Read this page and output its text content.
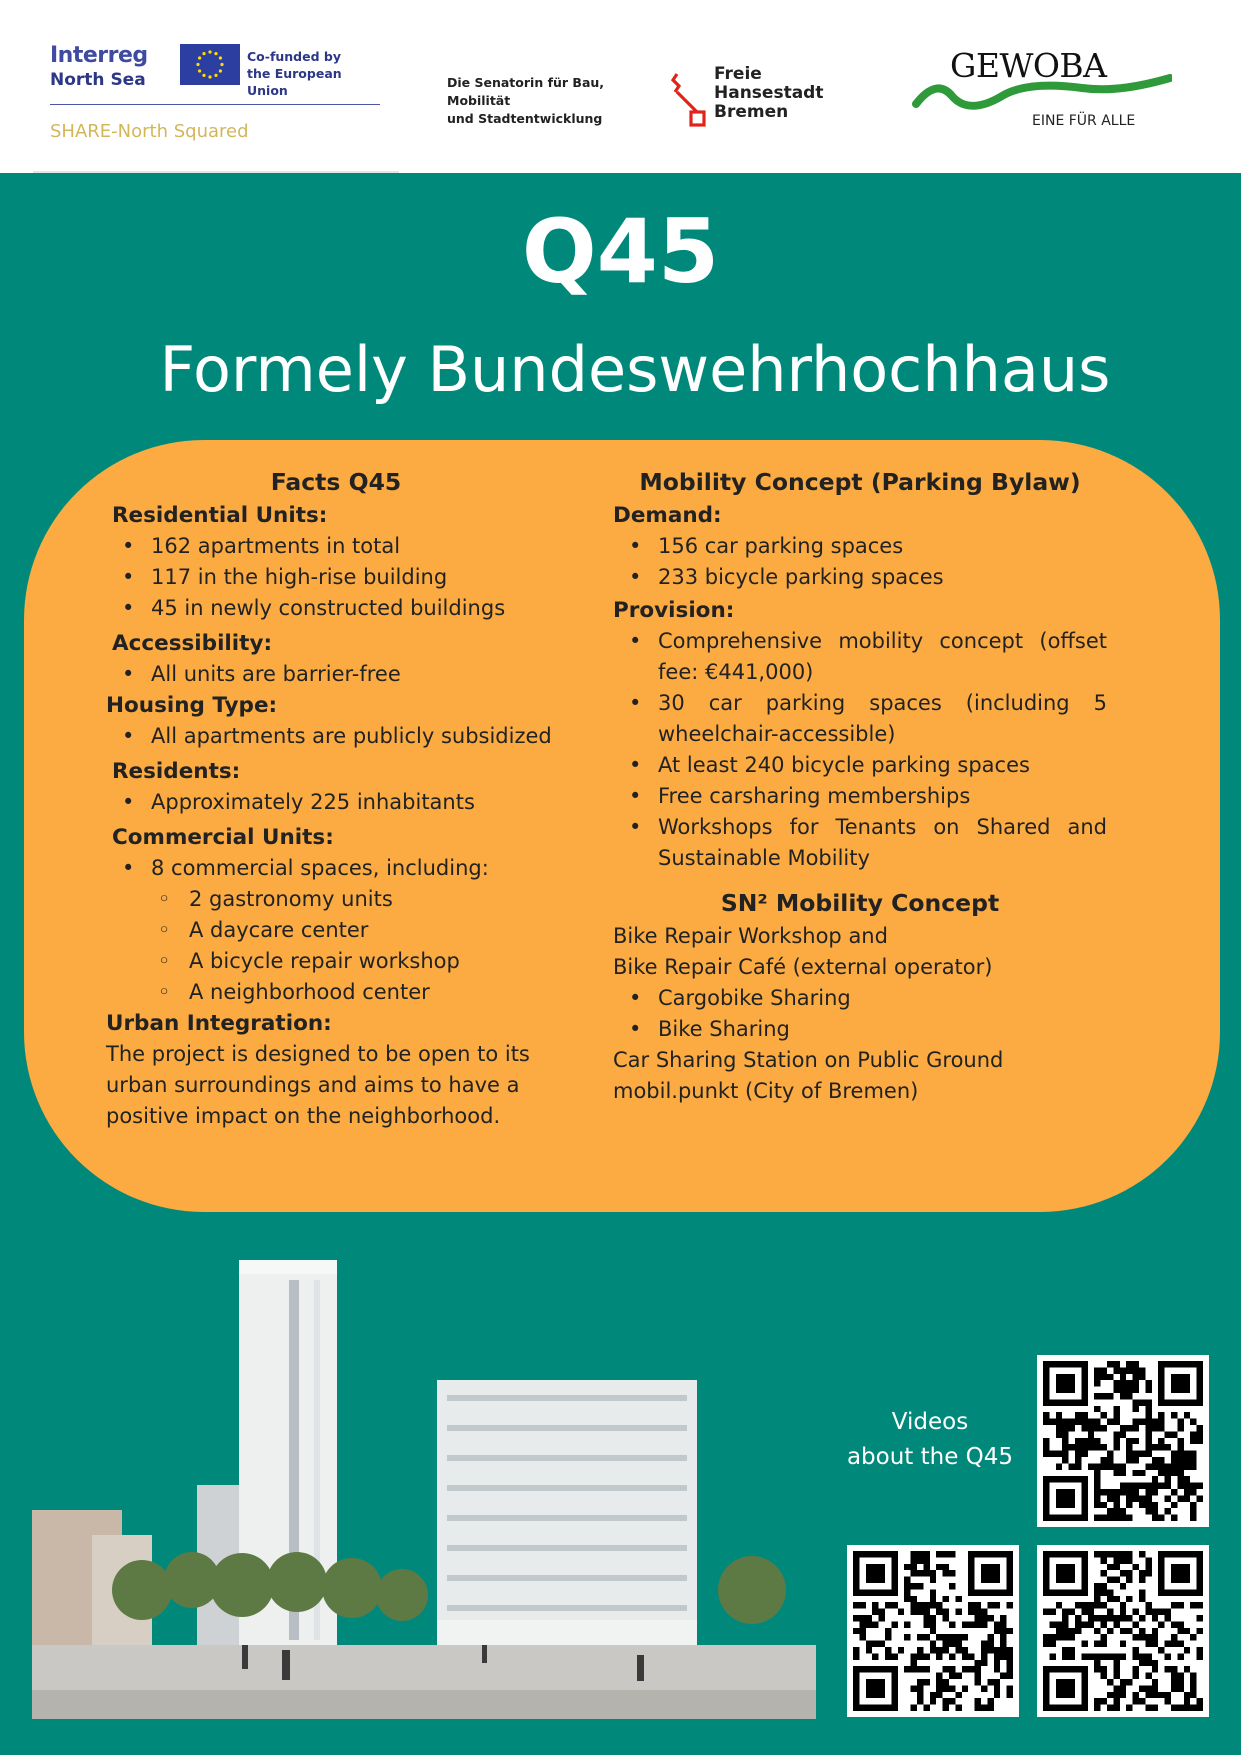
Interreg
North Sea
Co-funded by
the European Union
SHARE-North Squared
Die Senatorin für Bau, Mobilität
und Stadtentwicklung
Freie
Hansestadt
Bremen
GEWOBA
EINE FÜR ALLE
Q45
Formely Bundeswehrhochhaus
Facts Q45
Residential Units:
• 162 apartments in total
• 117 in the high-rise building
• 45 in newly constructed buildings
Accessibility:
• All units are barrier-free
Housing Type:
• All apartments are publicly subsidized
Residents:
• Approximately 225 inhabitants
Commercial Units:
• 8 commercial spaces, including:
◦ 2 gastronomy units
◦ A daycare center
◦ A bicycle repair workshop
◦ A neighborhood center
Urban Integration:
The project is designed to be open to its urban surroundings and aims to have a positive impact on the neighborhood.
Mobility Concept (Parking Bylaw)
Demand:
• 156 car parking spaces
• 233 bicycle parking spaces
Provision:
• Comprehensive mobility concept (offset fee: €441,000)
• 30 car parking spaces (including 5 wheelchair-accessible)
• At least 240 bicycle parking spaces
• Free carsharing memberships
• Workshops for Tenants on Shared and Sustainable Mobility
SN² Mobility Concept
Bike Repair Workshop and
Bike Repair Café (external operator)
• Cargobike Sharing
• Bike Sharing
Car Sharing Station on Public Ground
mobil.punkt (City of Bremen)
Videos
about the Q45
